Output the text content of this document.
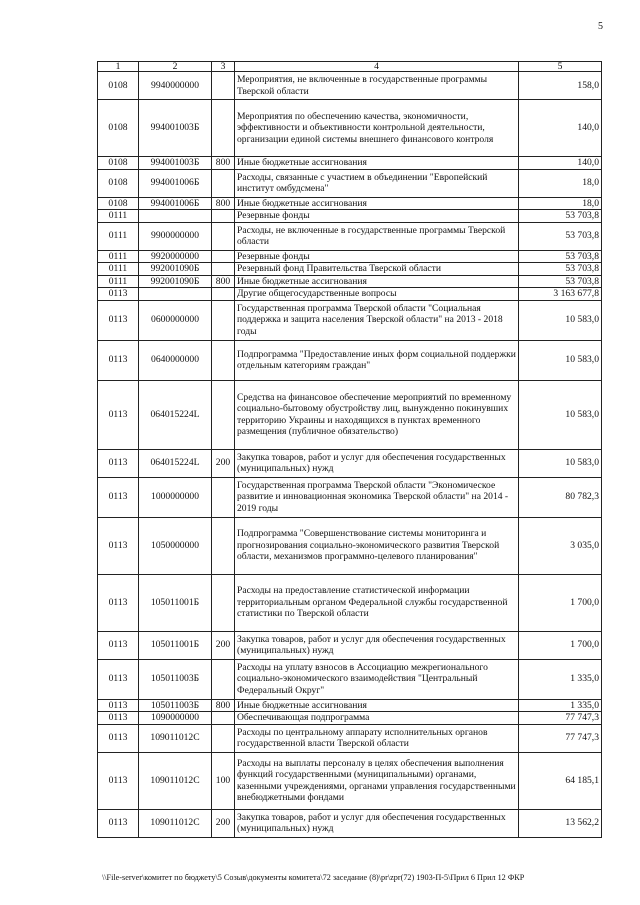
5
1	2	3	4	5
0108	9940000000		Мероприятия, не включенные в государственные программы Тверской области	158,0
0108	994001003Б		Мероприятия по обеспечению качества, экономичности, эффективности и объективности контрольной деятельности, организации единой системы внешнего финансового контроля	140,0
0108	994001003Б	800	Иные бюджетные ассигнования	140,0
0108	994001006Б		Расходы, связанные с участием в объединении "Европейский институт омбудсмена"	18,0
0108	994001006Б	800	Иные бюджетные ассигнования	18,0
0111			Резервные фонды	53 703,8
0111	9900000000		Расходы, не включенные в государственные программы Тверской области	53 703,8
0111	9920000000		Резервные фонды	53 703,8
0111	992001090Б		Резервный фонд Правительства Тверской области	53 703,8
0111	992001090Б	800	Иные бюджетные ассигнования	53 703,8
0113			Другие общегосударственные вопросы	3 163 677,8
0113	0600000000		Государственная программа Тверской области "Социальная поддержка и защита населения Тверской области" на 2013 - 2018 годы	10 583,0
0113	0640000000		Подпрограмма "Предоставление иных форм социальной поддержки отдельным категориям граждан"	10 583,0
0113	064015224L		Средства на финансовое обеспечение мероприятий по временному социально-бытовому обустройству лиц, вынужденно покинувших территорию Украины и находящихся в пунктах временного размещения (публичное обязательство)	10 583,0
0113	064015224L	200	Закупка товаров, работ и услуг для обеспечения государственных (муниципальных) нужд	10 583,0
0113	1000000000		Государственная программа Тверской области "Экономическое развитие и инновационная экономика Тверской области" на 2014 - 2019 годы	80 782,3
0113	1050000000		Подпрограмма "Совершенствование системы мониторинга и прогнозирования социально-экономического развития Тверской области, механизмов программно-целевого планирования"	3 035,0
0113	105011001Б		Расходы на предоставление статистической информации территориальным органом Федеральной службы государственной статистики по Тверской области	1 700,0
0113	105011001Б	200	Закупка товаров, работ и услуг для обеспечения государственных (муниципальных) нужд	1 700,0
0113	105011003Б		Расходы на уплату взносов в Ассоциацию межрегионального социально-экономического взаимодействия "Центральный Федеральный Округ"	1 335,0
0113	105011003Б	800	Иные бюджетные ассигнования	1 335,0
0113	1090000000		Обеспечивающая подпрограмма	77 747,3
0113	109011012С		Расходы по центральному аппарату исполнительных органов государственной власти Тверской области	77 747,3
0113	109011012С	100	Расходы на выплаты персоналу в целях обеспечения выполнения функций государственными (муниципальными) органами, казенными учреждениями, органами управления государственными внебюджетными фондами	64 185,1
0113	109011012С	200	Закупка товаров, работ и услуг для обеспечения государственных (муниципальных) нужд	13 562,2
\\File-server\комитет по бюджету\5 Созыв\документы комитета\72 заседание (8)\pr\zpr(72) 1903-П-5\Прил 6 Прил 12 ФКР
